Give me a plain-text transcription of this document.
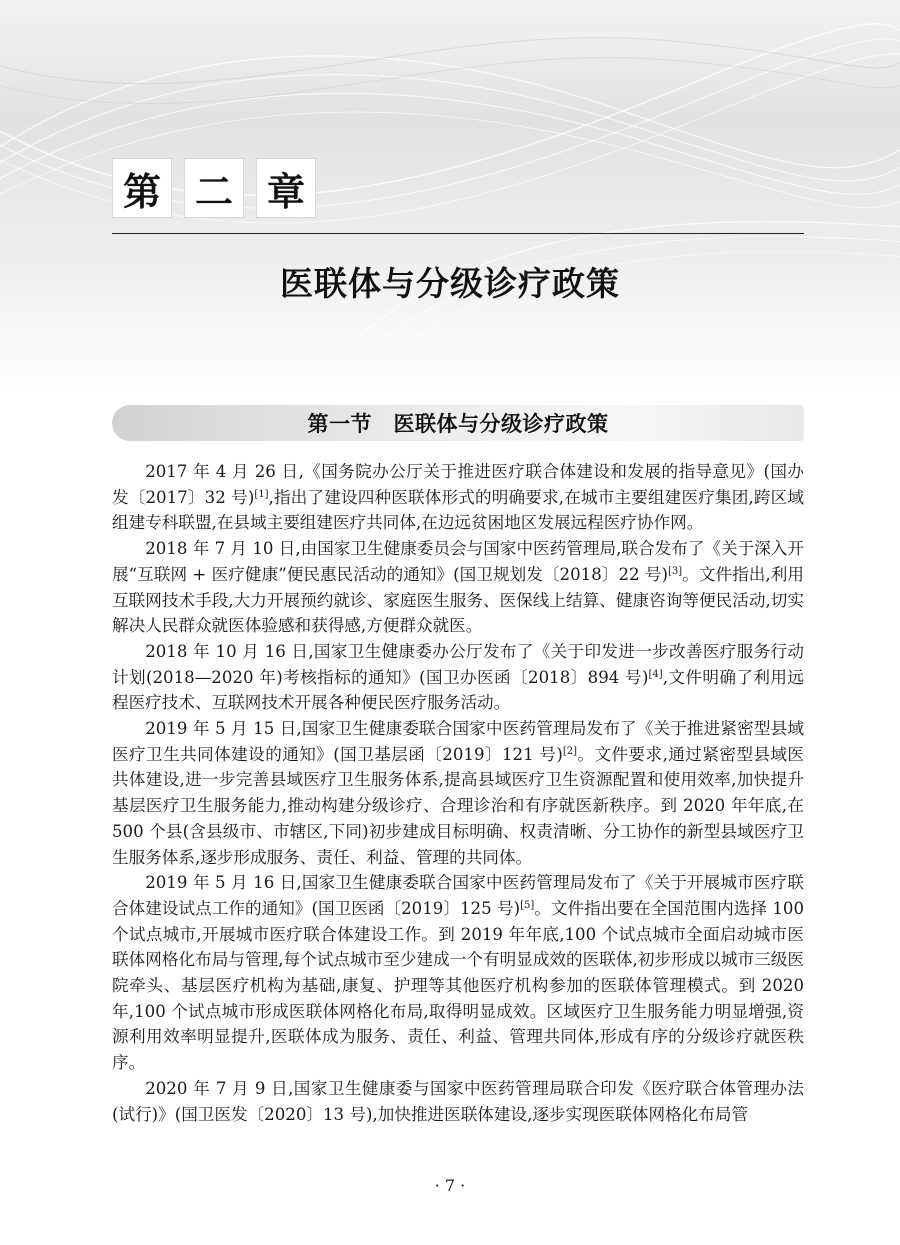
第 二 章
医联体与分级诊疗政策
第一节　医联体与分级诊疗政策

2017 年 4 月 26 日,《国务院办公厅关于推进医疗联合体建设和发展的指导意见》(国办发〔2017〕32 号)[1],指出了建设四种医联体形式的明确要求,在城市主要组建医疗集团,跨区域组建专科联盟,在县域主要组建医疗共同体,在边远贫困地区发展远程医疗协作网。

2018 年 7 月 10 日,由国家卫生健康委员会与国家中医药管理局,联合发布了《关于深入开展“互联网 + 医疗健康”便民惠民活动的通知》(国卫规划发〔2018〕22 号)[3]。文件指出,利用互联网技术手段,大力开展预约就诊、家庭医生服务、医保线上结算、健康咨询等便民活动,切实解决人民群众就医体验感和获得感,方便群众就医。

2018 年 10 月 16 日,国家卫生健康委办公厅发布了《关于印发进一步改善医疗服务行动计划(2018—2020 年)考核指标的通知》(国卫办医函〔2018〕894 号)[4],文件明确了利用远程医疗技术、互联网技术开展各种便民医疗服务活动。

2019 年 5 月 15 日,国家卫生健康委联合国家中医药管理局发布了《关于推进紧密型县域医疗卫生共同体建设的通知》(国卫基层函〔2019〕121 号)[2]。文件要求,通过紧密型县域医共体建设,进一步完善县域医疗卫生服务体系,提高县域医疗卫生资源配置和使用效率,加快提升基层医疗卫生服务能力,推动构建分级诊疗、合理诊治和有序就医新秩序。到 2020 年年底,在 500 个县(含县级市、市辖区,下同)初步建成目标明确、权责清晰、分工协作的新型县域医疗卫生服务体系,逐步形成服务、责任、利益、管理的共同体。

2019 年 5 月 16 日,国家卫生健康委联合国家中医药管理局发布了《关于开展城市医疗联合体建设试点工作的通知》(国卫医函〔2019〕125 号)[5]。文件指出要在全国范围内选择 100 个试点城市,开展城市医疗联合体建设工作。到 2019 年年底,100 个试点城市全面启动城市医联体网格化布局与管理,每个试点城市至少建成一个有明显成效的医联体,初步形成以城市三级医院牵头、基层医疗机构为基础,康复、护理等其他医疗机构参加的医联体管理模式。到 2020 年,100 个试点城市形成医联体网格化布局,取得明显成效。区域医疗卫生服务能力明显增强,资源利用效率明显提升,医联体成为服务、责任、利益、管理共同体,形成有序的分级诊疗就医秩序。

2020 年 7 月 9 日,国家卫生健康委与国家中医药管理局联合印发《医疗联合体管理办法(试行)》(国卫医发〔2020〕13 号),加快推进医联体建设,逐步实现医联体网格化布局管

· 7 ·
